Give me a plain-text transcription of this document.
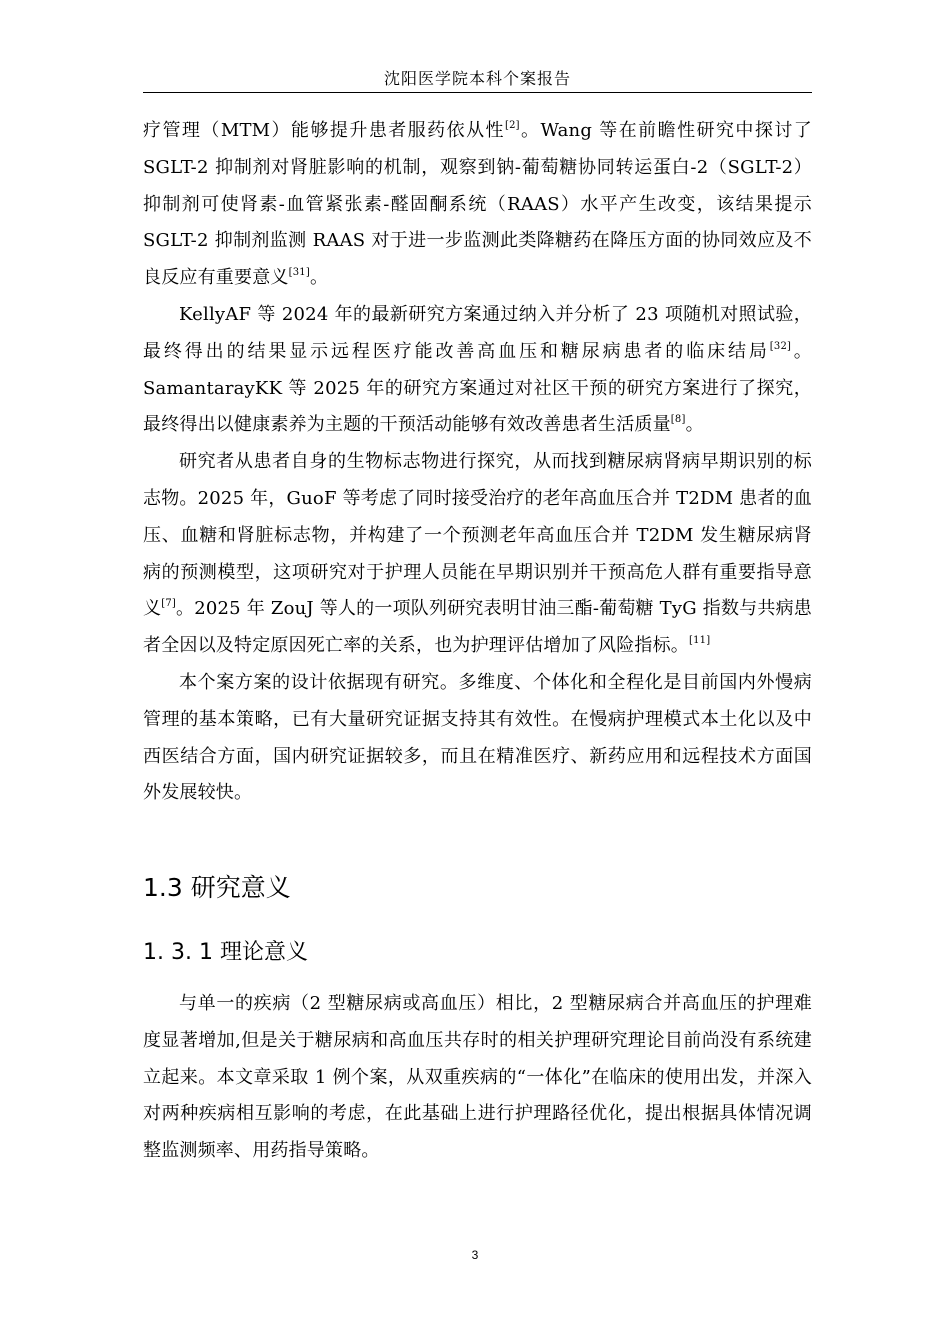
沈阳医学院本科个案报告

疗管理（MTM）能够提升患者服药依从性[2]。Wang 等在前瞻性研究中探讨了 SGLT-2 抑制剂对肾脏影响的机制，观察到钠-葡萄糖协同转运蛋白-2（SGLT-2）抑制剂可使肾素-血管紧张素-醛固酮系统（RAAS）水平产生改变，该结果提示 SGLT-2 抑制剂监测 RAAS 对于进一步监测此类降糖药在降压方面的协同效应及不良反应有重要意义[31]。

KellyAF 等 2024 年的最新研究方案通过纳入并分析了 23 项随机对照试验，最终得出的结果显示远程医疗能改善高血压和糖尿病患者的临床结局[32]。SamantarayKK 等 2025 年的研究方案通过对社区干预的研究方案进行了探究，最终得出以健康素养为主题的干预活动能够有效改善患者生活质量[8]。

研究者从患者自身的生物标志物进行探究，从而找到糖尿病肾病早期识别的标志物。2025 年，GuoF 等考虑了同时接受治疗的老年高血压合并 T2DM 患者的血压、血糖和肾脏标志物，并构建了一个预测老年高血压合并 T2DM 发生糖尿病肾病的预测模型，这项研究对于护理人员能在早期识别并干预高危人群有重要指导意义[7]。2025 年 ZouJ 等人的一项队列研究表明甘油三酯-葡萄糖 TyG 指数与共病患者全因以及特定原因死亡率的关系，也为护理评估增加了风险指标。[11]

本个案方案的设计依据现有研究。多维度、个体化和全程化是目前国内外慢病管理的基本策略，已有大量研究证据支持其有效性。在慢病护理模式本土化以及中西医结合方面，国内研究证据较多，而且在精准医疗、新药应用和远程技术方面国外发展较快。

1.3 研究意义
1. 3. 1 理论意义

与单一的疾病（2 型糖尿病或高血压）相比，2 型糖尿病合并高血压的护理难度显著增加,但是关于糖尿病和高血压共存时的相关护理研究理论目前尚没有系统建立起来。本文章采取 1 例个案，从双重疾病的“一体化”在临床的使用出发，并深入对两种疾病相互影响的考虑，在此基础上进行护理路径优化，提出根据具体情况调整监测频率、用药指导策略。

3
